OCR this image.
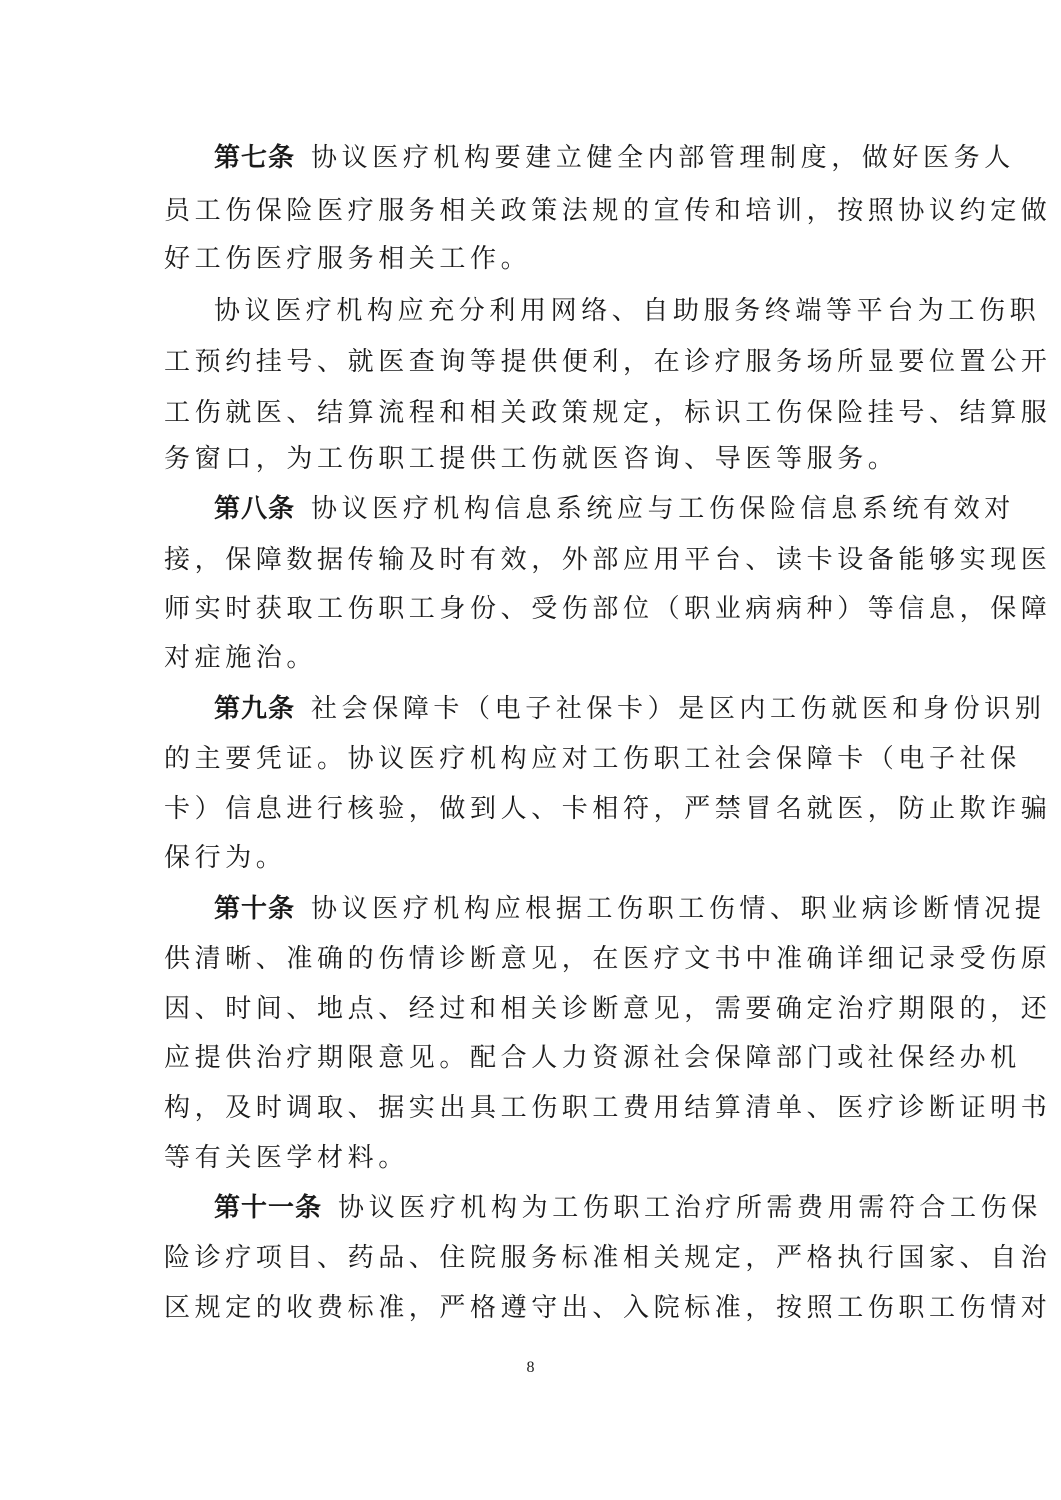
第七条 协议医疗机构要建立健全内部管理制度，做好医务人
员工伤保险医疗服务相关政策法规的宣传和培训，按照协议约定做
好工伤医疗服务相关工作。
协议医疗机构应充分利用网络、自助服务终端等平台为工伤职
工预约挂号、就医查询等提供便利，在诊疗服务场所显要位置公开
工伤就医、结算流程和相关政策规定，标识工伤保险挂号、结算服
务窗口，为工伤职工提供工伤就医咨询、导医等服务。
第八条 协议医疗机构信息系统应与工伤保险信息系统有效对
接，保障数据传输及时有效，外部应用平台、读卡设备能够实现医
师实时获取工伤职工身份、受伤部位（职业病病种）等信息，保障
对症施治。
第九条 社会保障卡（电子社保卡）是区内工伤就医和身份识别
的主要凭证。协议医疗机构应对工伤职工社会保障卡（电子社保
卡）信息进行核验，做到人、卡相符，严禁冒名就医，防止欺诈骗
保行为。
第十条 协议医疗机构应根据工伤职工伤情、职业病诊断情况提
供清晰、准确的伤情诊断意见，在医疗文书中准确详细记录受伤原
因、时间、地点、经过和相关诊断意见，需要确定治疗期限的，还
应提供治疗期限意见。配合人力资源社会保障部门或社保经办机
构，及时调取、据实出具工伤职工费用结算清单、医疗诊断证明书
等有关医学材料。
第十一条 协议医疗机构为工伤职工治疗所需费用需符合工伤保
险诊疗项目、药品、住院服务标准相关规定，严格执行国家、自治
区规定的收费标准，严格遵守出、入院标准，按照工伤职工伤情对
8
